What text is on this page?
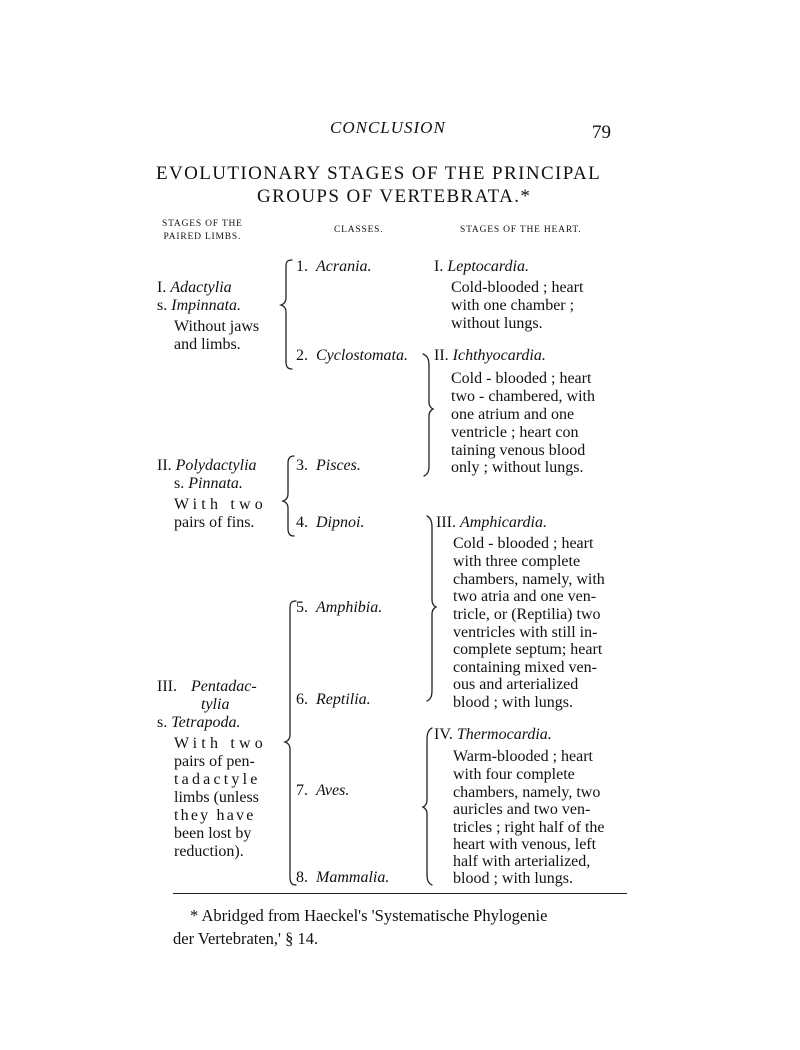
CONCLUSION	79
EVOLUTIONARY STAGES OF THE PRINCIPAL
GROUPS OF VERTEBRATA.*
STAGES OF THE
PAIRED LIMBS.
CLASSES.	STAGES OF THE HEART.
I. Adactylia
s. Impinnata.
Without jaws
and limbs.
II. Polydactylia
s. Pinnata.
With two
pairs of fins.
III. Pentadac-
tylia
s. Tetrapoda.
With two
pairs of pen-
tadactyle
limbs (unless
they have
been lost by
reduction).
1. Acrania.
2. Cyclostomata.
3. Pisces.
4. Dipnoi.
5. Amphibia.
6. Reptilia.
7. Aves.
8. Mammalia.
I. Leptocardia.
Cold-blooded ; heart
with one chamber ;
without lungs.
II. Ichthyocardia.
Cold - blooded ; heart
two - chambered, with
one atrium and one
ventricle ; heart con
taining venous blood
only ; without lungs.
III. Amphicardia.
Cold - blooded ; heart
with three complete
chambers, namely, with
two atria and one ven-
tricle, or (Reptilia) two
ventricles with still in-
complete septum; heart
containing mixed ven-
ous and arterialized
blood ; with lungs.
IV. Thermocardia.
Warm-blooded ; heart
with four complete
chambers, namely, two
auricles and two ven-
tricles ; right half of the
heart with venous, left
half with arterialized,
blood ; with lungs.
* Abridged from Haeckel's 'Systematische Phylogenie
der Vertebraten,' § 14.
